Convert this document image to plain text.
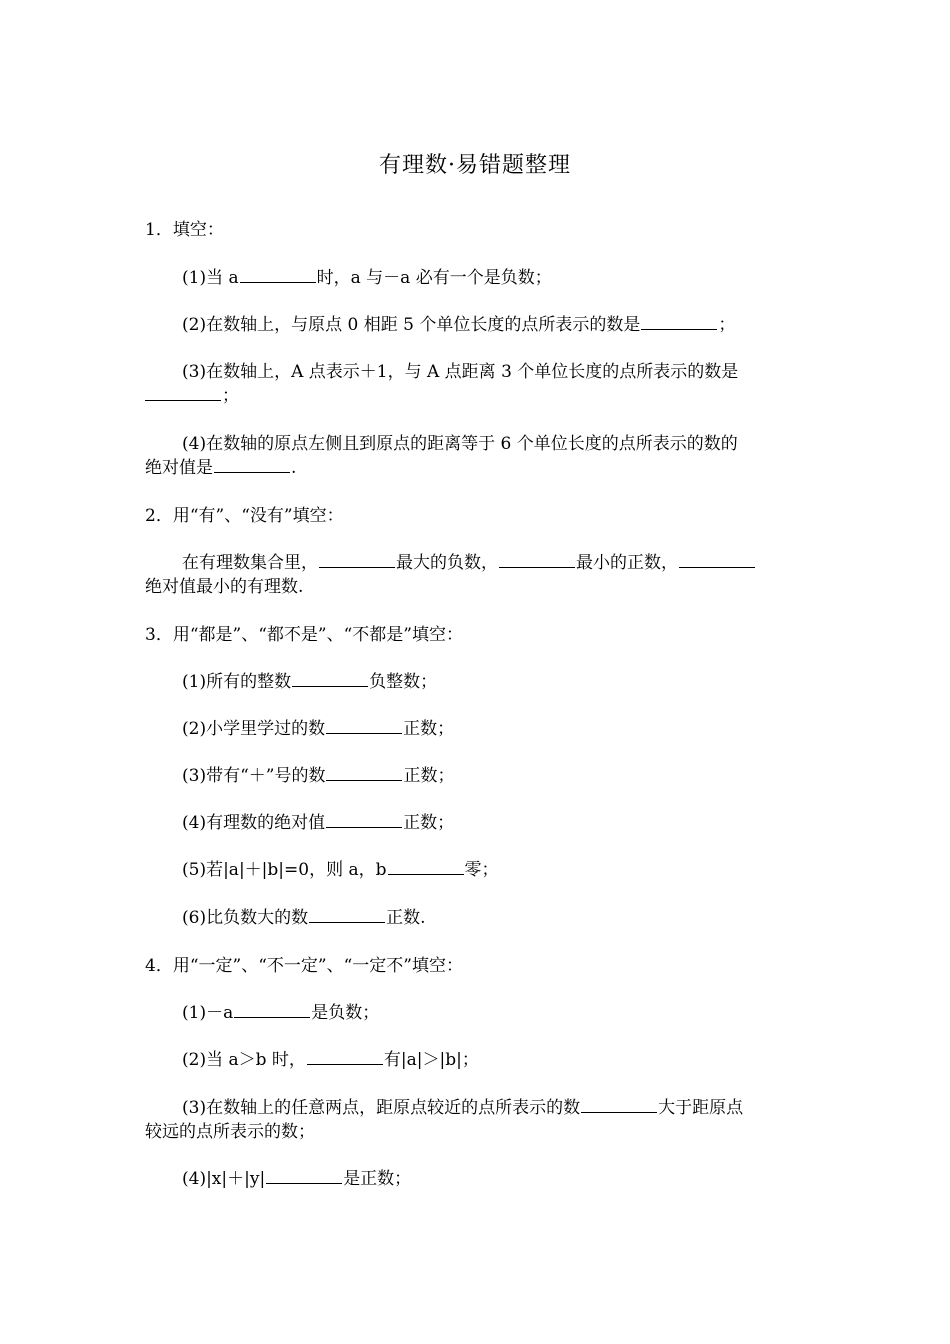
有理数·易错题整理
1．填空：
(1)当 a	时，a 与－a 必有一个是负数；
(2)在数轴上，与原点 0 相距 5 个单位长度的点所表示的数是	；
(3)在数轴上，A 点表示＋1，与 A 点距离 3 个单位长度的点所表示的数是
；
(4)在数轴的原点左侧且到原点的距离等于 6 个单位长度的点所表示的数的
绝对值是	.
2．用“有”、“没有”填空：
在有理数集合里，	最大的负数，	最小的正数，
绝对值最小的有理数.
3．用“都是”、“都不是”、“不都是”填空：
(1)所有的整数	负整数；
(2)小学里学过的数	正数；
(3)带有“＋”号的数	正数；
(4)有理数的绝对值	正数；
(5)若|a|＋|b|=0，则 a，b	零；
(6)比负数大的数	正数.
4．用“一定”、“不一定”、“一定不”填空：
(1)－a	是负数；
(2)当 a＞b 时，	有|a|＞|b|；
(3)在数轴上的任意两点，距原点较近的点所表示的数	大于距原点
较远的点所表示的数；
(4)|x|＋|y|	是正数；
